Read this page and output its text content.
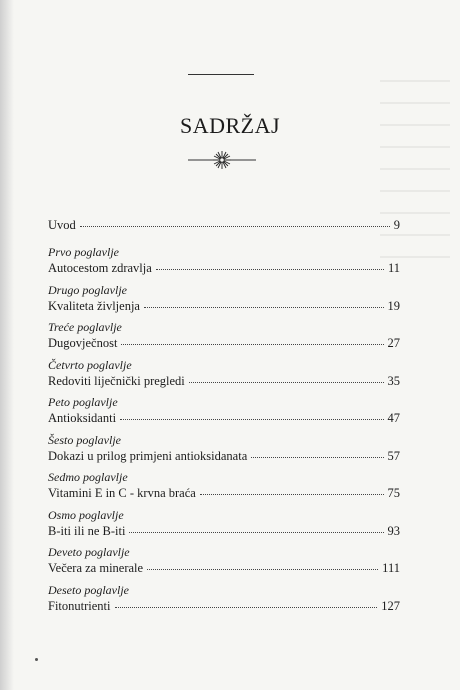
SADRŽAJ
Uvod	9
Prvo poglavlje
Autocestom zdravlja	11
Drugo poglavlje
Kvaliteta življenja	19
Treće poglavlje
Dugovječnost	27
Četvrto poglavlje
Redoviti liječnički pregledi	35
Peto poglavlje
Antioksidanti	47
Šesto poglavlje
Dokazi u prilog primjeni antioksidanata	57
Sedmo poglavlje
Vitamini E in C - krvna braća	75
Osmo poglavlje
B-iti ili ne B-iti	93
Deveto poglavlje
Večera za minerale	111
Deseto poglavlje
Fitonutrienti	127
